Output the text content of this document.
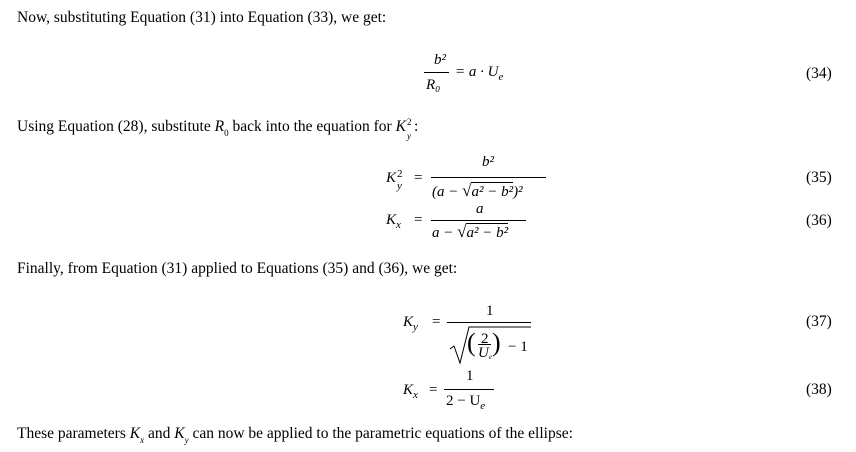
Now, substituting Equation (31) into Equation (33), we get:
b²
R₀
= $a \cdot U_e$	(34)
Using Equation (28), substitute $R_0$ back into the equation for K 2
y
:
K 2
y =
b²
(a − √a² − b²)²
(35)
$K_x$ =
a
a − √a² − b²
(36)
Finally, from Equation (31) applied to Equations (35) and (36), we get:
$K_y$ =
1
( 2
Ue ) − 1
(37)
$K_x$ =
1
$2 - U_e$
(38)
These parameters $K_x$ and $K_y$ can now be applied to the parametric equations of the ellipse:
